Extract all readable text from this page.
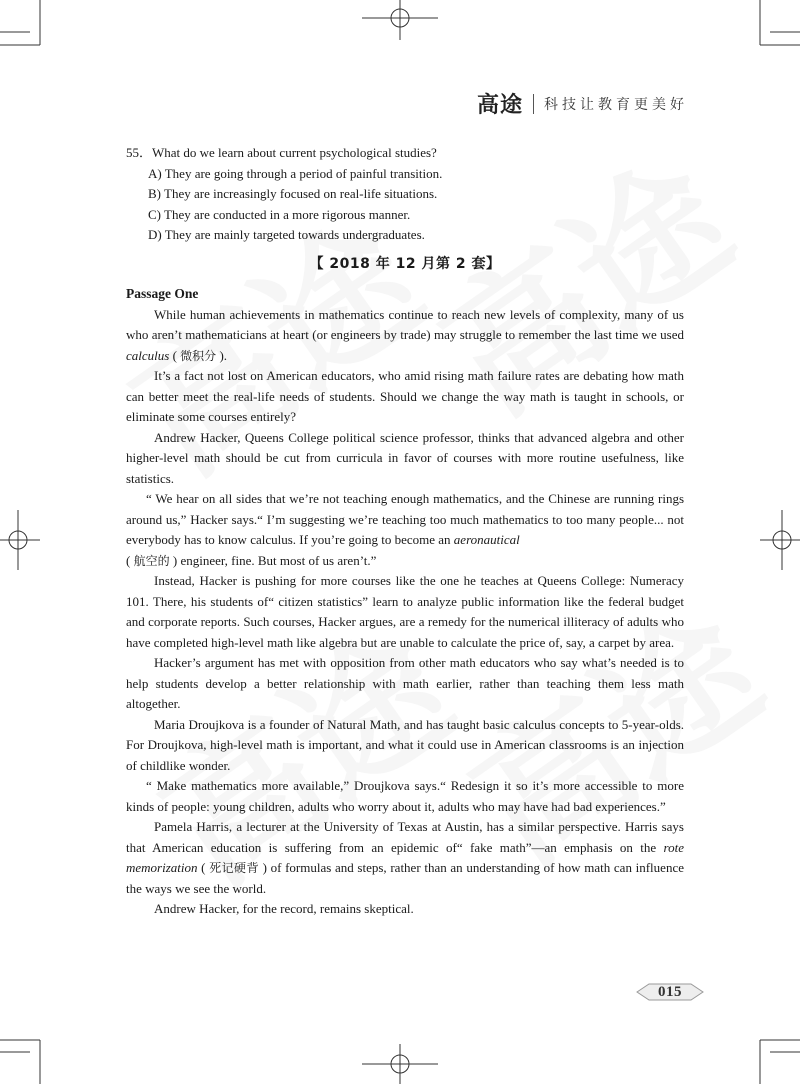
高途 科技让教育更美好

55．What do we learn about current psychological studies?

A) They are going through a period of painful transition.

B) They are increasingly focused on real-life situations.

C) They are conducted in a more rigorous manner.

D) They are mainly targeted towards undergraduates.

【 2018 年 12 月第 2 套】

Passage One

While human achievements in mathematics continue to reach new levels of complexity, many of us who aren’t mathematicians at heart (or engineers by trade) may struggle to remember the last time we used calculus ( 微积分 ).

It’s a fact not lost on American educators, who amid rising math failure rates are debating how math can better meet the real-life needs of students. Should we change the way math is taught in schools, or eliminate some courses entirely?

Andrew Hacker, Queens College political science professor, thinks that advanced algebra and other higher-level math should be cut from curricula in favor of courses with more routine usefulness, like statistics.

“ We hear on all sides that we’re not teaching enough mathematics, and the Chinese are running rings around us,” Hacker says.“ I’m suggesting we’re teaching too much mathematics to too many people... not everybody has to know calculus. If you’re going to become an aeronautical
( 航空的 ) engineer, fine. But most of us aren’t.”

Instead, Hacker is pushing for more courses like the one he teaches at Queens College: Numeracy 101. There, his students of“ citizen statistics” learn to analyze public information like the federal budget and corporate reports. Such courses, Hacker argues, are a remedy for the numerical illiteracy of adults who have completed high-level math like algebra but are unable to calculate the price of, say, a carpet by area.

Hacker’s argument has met with opposition from other math educators who say what’s needed is to help students develop a better relationship with math earlier, rather than teaching them less math altogether.

Maria Droujkova is a founder of Natural Math, and has taught basic calculus concepts to 5-year-olds. For Droujkova, high-level math is important, and what it could use in American classrooms is an injection of childlike wonder.

“ Make mathematics more available,” Droujkova says.“ Redesign it so it’s more accessible to more kinds of people: young children, adults who worry about it, adults who may have had bad experiences.”

Pamela Harris, a lecturer at the University of Texas at Austin, has a similar perspective. Harris says that American education is suffering from an epidemic of“ fake math”—an emphasis on the rote memorization ( 死记硬背 ) of formulas and steps, rather than an understanding of how math can influence the ways we see the world.

Andrew Hacker, for the record, remains skeptical.

015
